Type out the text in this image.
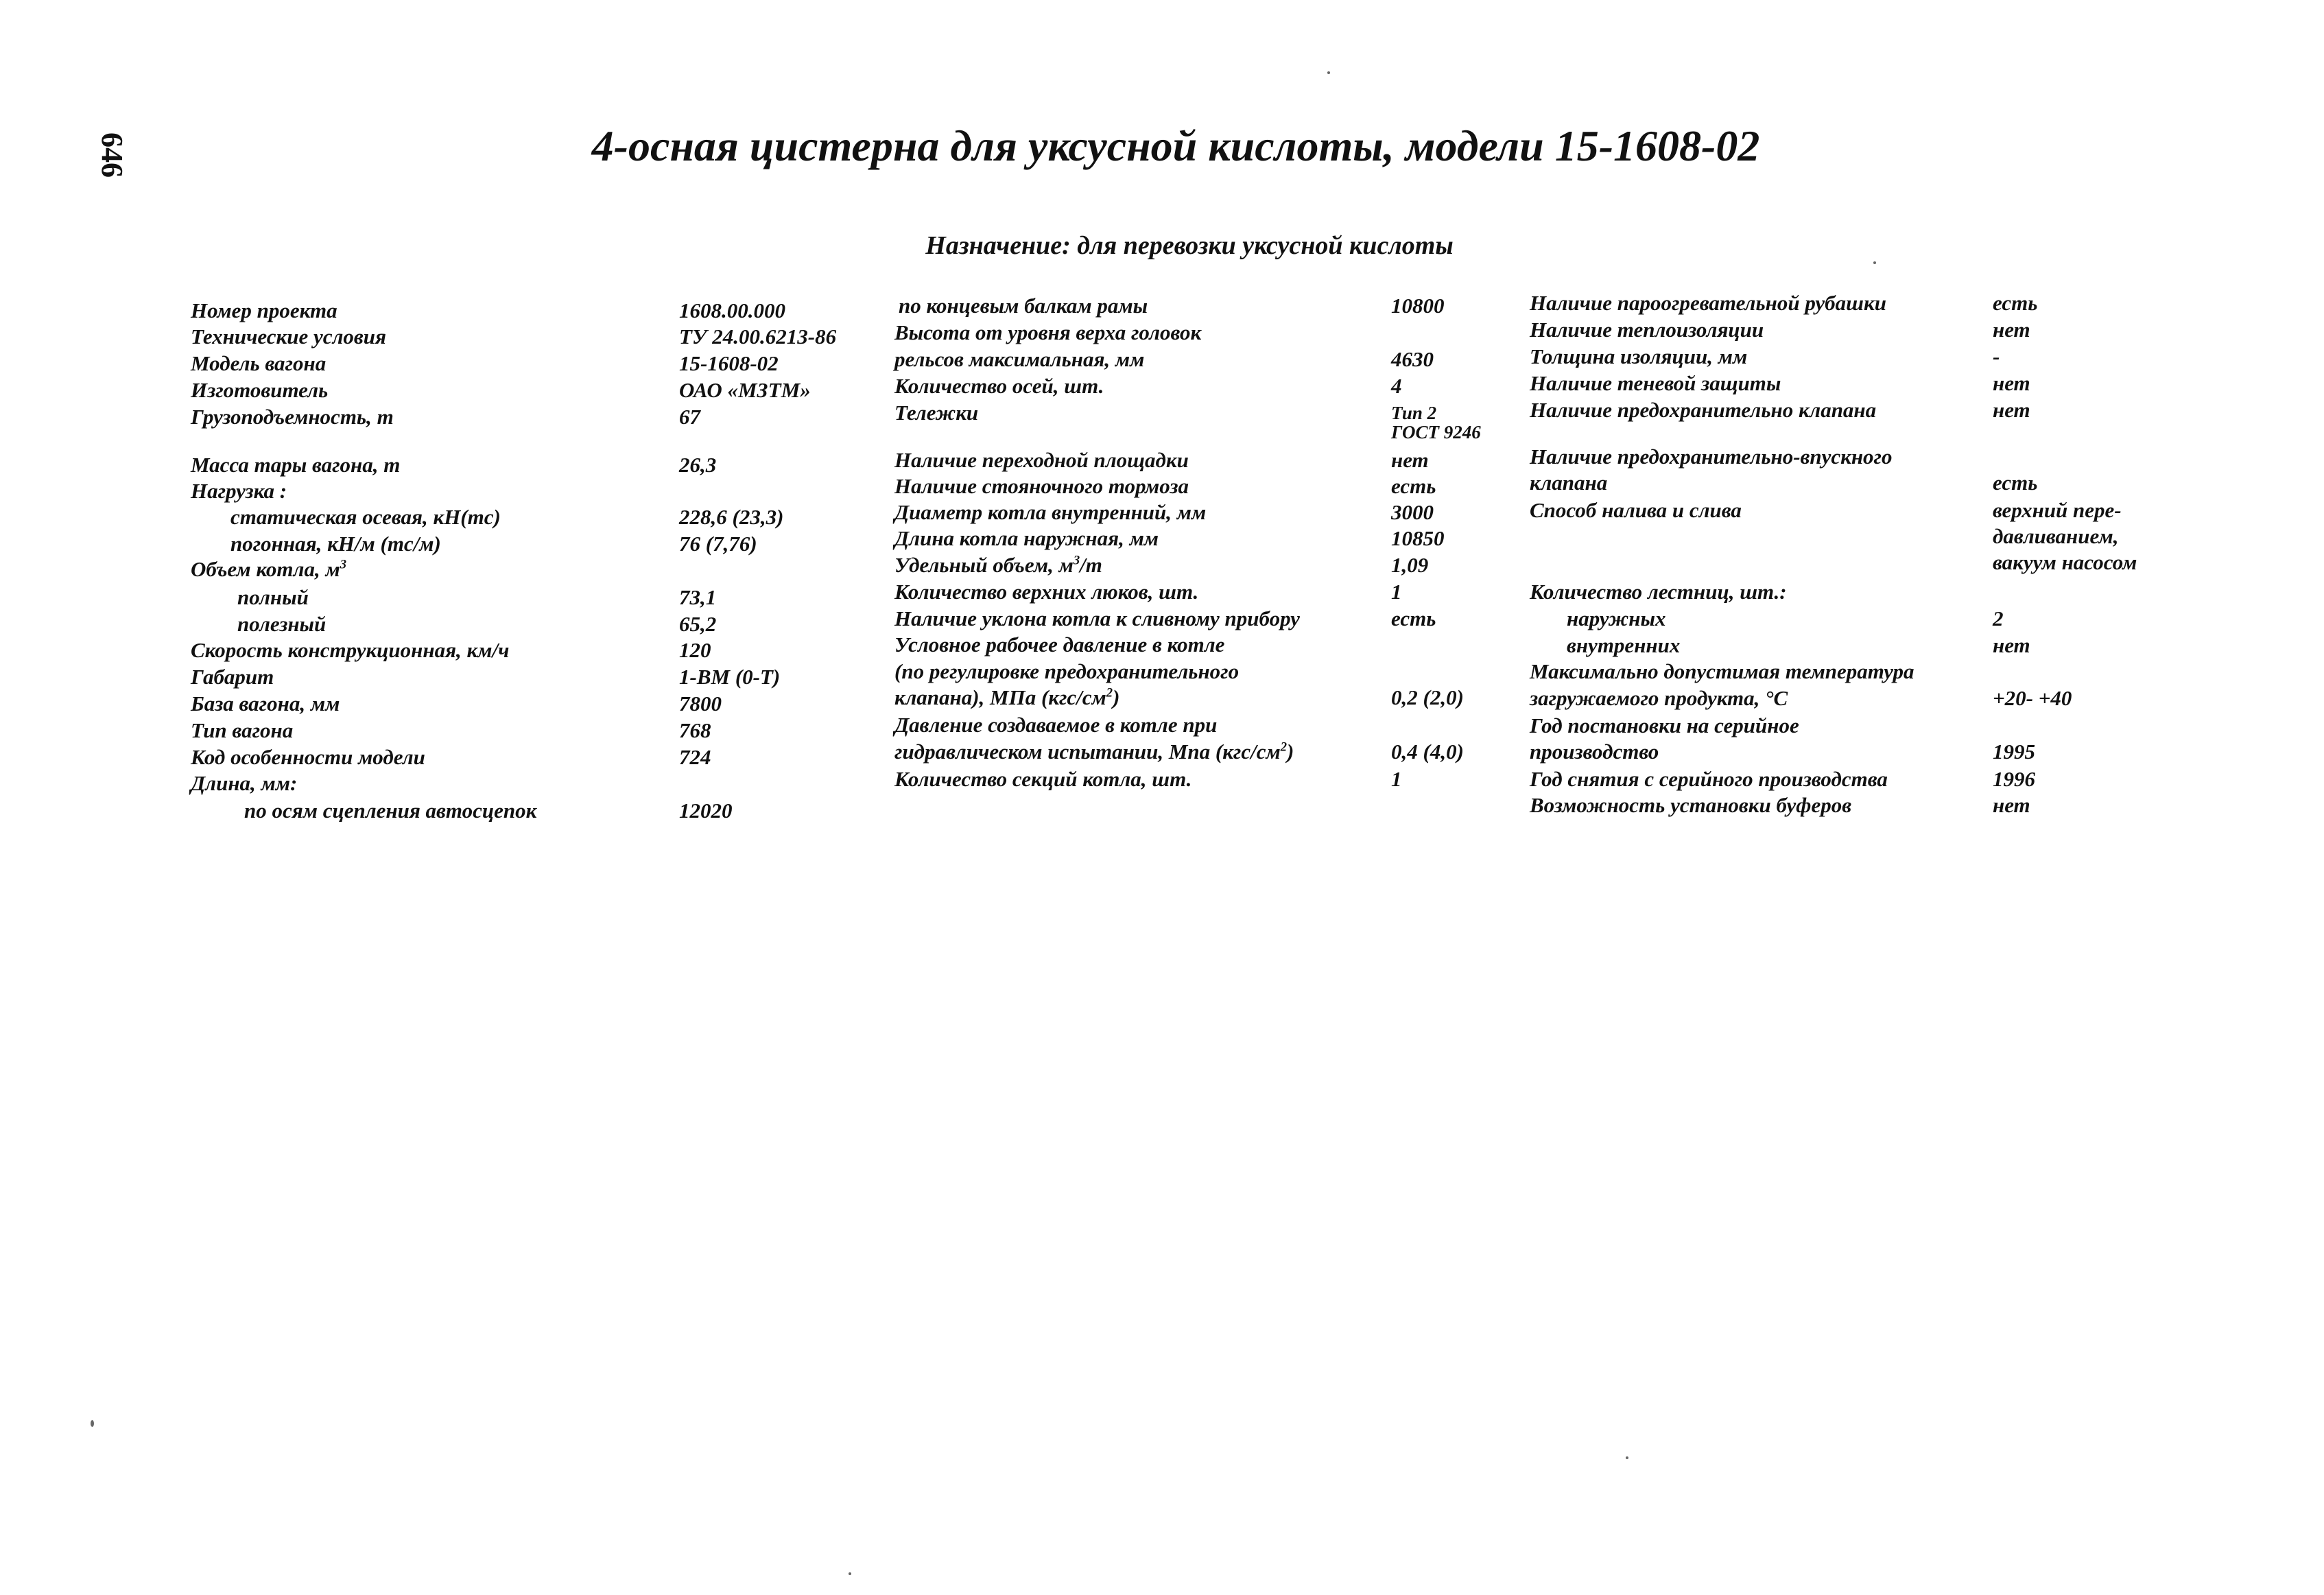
646	4-осная цистерна для уксусной кислоты, модели 15-1608-02
Назначение: для перевозки уксусной кислоты
Номер проекта	1608.00.000
Технические условия	ТУ 24.00.6213-86
Модель вагона	15-1608-02
Изготовитель	ОАО «МЗТМ»
Грузоподъемность, т	67
Масса тары вагона, т	26,3
Нагрузка :
статическая осевая, кН(тс)	228,6 (23,3)
погонная, кН/м (тс/м)	76 (7,76)
Объем котла, $м^3$
полный	73,1
полезный	65,2
Скорость конструкционная, км/ч	120
Габарит	1-ВМ (0-Т)
База вагона, мм	7800
Тип вагона	768
Код особенности модели	724
Длина, мм:
по осям сцепления автосцепок	12020
по концевым балкам рамы	10800
Высота от уровня верха головок
рельсов максимальная, мм	4630
Количество осей, шт.	4
Тележки	Тип 2
ГОСТ 9246
Наличие переходной площадки	нет
Наличие стояночного тормоза	есть
Диаметр котла внутренний, мм	3000
Длина котла наружная, мм	10850
Удельный объем, $м^3/т$	1,09
Количество верхних люков, шт.	1
Наличие уклона котла к сливному прибору	есть
Условное рабочее давление в котле
(по регулировке предохранительного
клапана), МПа $(кгс/см^2)$	0,2 (2,0)
Давление создаваемое в котле при
гидравлическом испытании, Мпа $(кгс/см^2)$	0,4 (4,0)
Количество секций котла, шт.	1
Наличие пароогревательной рубашки	есть
Наличие теплоизоляции	нет
Толщина изоляции, мм	-
Наличие теневой защиты	нет
Наличие предохранительно клапана	нет
Наличие предохранительно-впускного
клапана	есть
Способ налива и слива	верхний пере-
давливанием,
вакуум насосом
Количество лестниц, шт.:
наружных	2
внутренних	нет
Максимально допустимая температура
загружаемого продукта, °С	+20- +40
Год постановки на серийное
производство	1995
Год снятия с серийного производства	1996
Возможность установки буферов	нет
